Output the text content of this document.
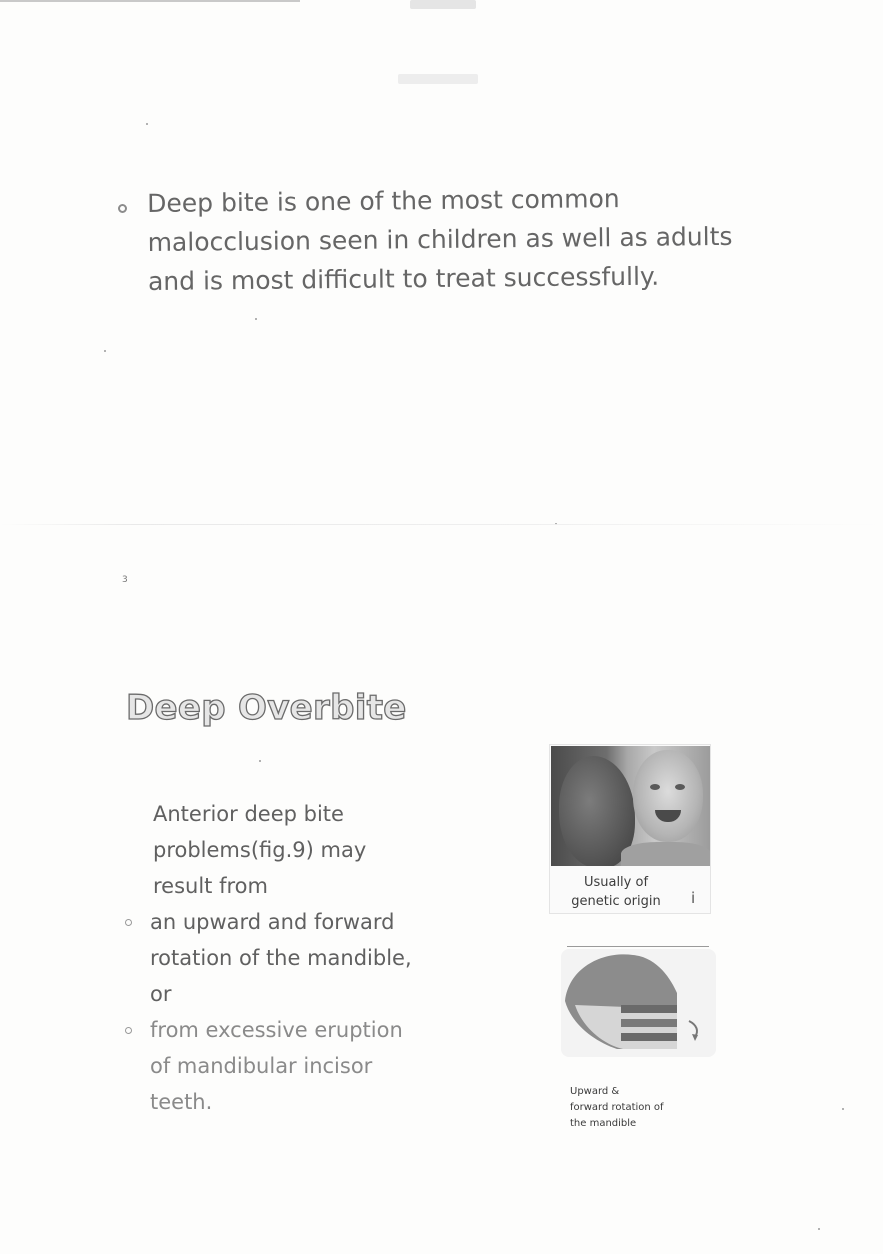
Deep bite is one of the most common malocclusion seen in children as well as adults and is most difficult to treat successfully.
3
Deep Overbite
Anterior deep bite problems(fig.9) may result from
an upward and forward rotation of the mandible, or
from excessive eruption of mandibular incisor teeth.
Usually of
genetic origin	i
Upward &
forward rotation of
the mandible
